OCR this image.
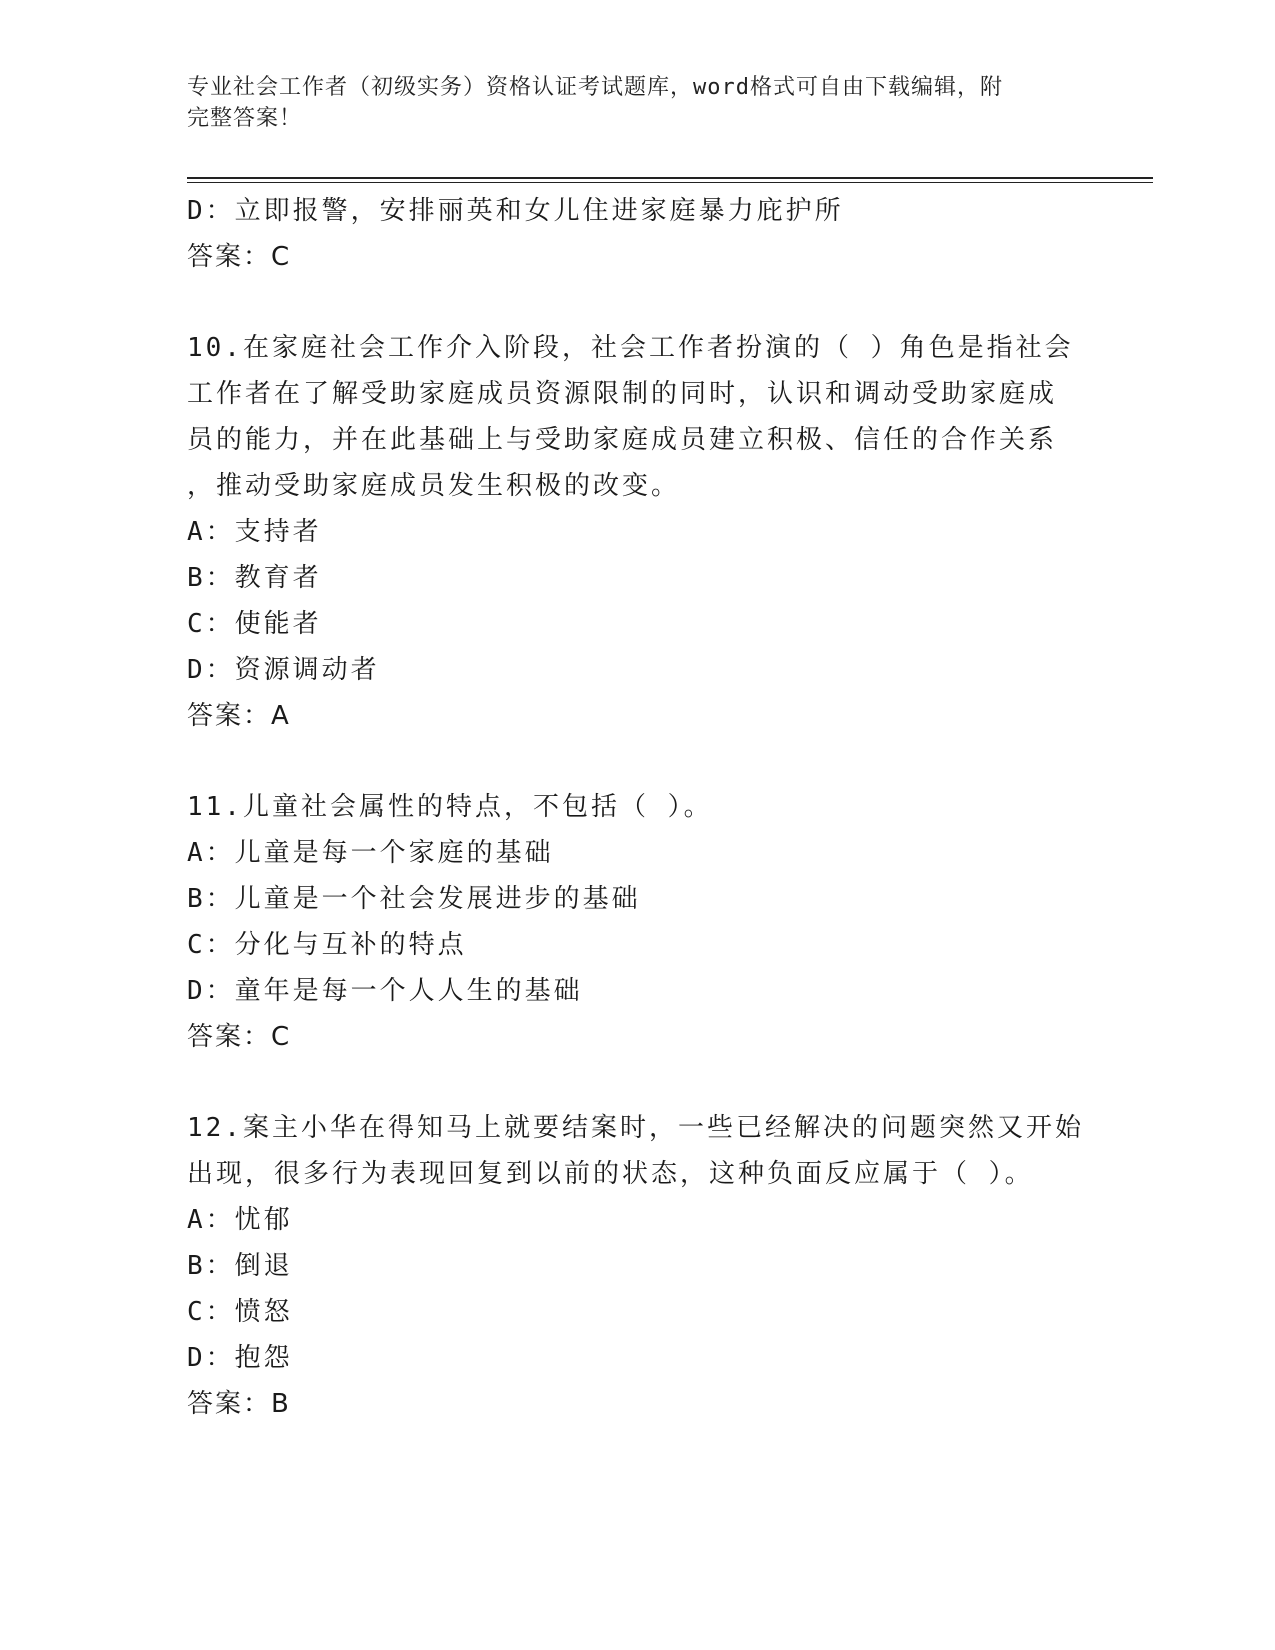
专业社会工作者（初级实务）资格认证考试题库，word格式可自由下载编辑，附
完整答案！
D：立即报警，安排丽英和女儿住进家庭暴力庇护所
答案：C
10.在家庭社会工作介入阶段，社会工作者扮演的（ ）角色是指社会
工作者在了解受助家庭成员资源限制的同时，认识和调动受助家庭成
员的能力，并在此基础上与受助家庭成员建立积极、信任的合作关系
，推动受助家庭成员发生积极的改变。
A：支持者
B：教育者
C：使能者
D：资源调动者
答案：A
11.儿童社会属性的特点，不包括（ ）。
A：儿童是每一个家庭的基础
B：儿童是一个社会发展进步的基础
C：分化与互补的特点
D：童年是每一个人人生的基础
答案：C
12.案主小华在得知马上就要结案时，一些已经解决的问题突然又开始
出现，很多行为表现回复到以前的状态，这种负面反应属于（ ）。
A：忧郁
B：倒退
C：愤怒
D：抱怨
答案：B
